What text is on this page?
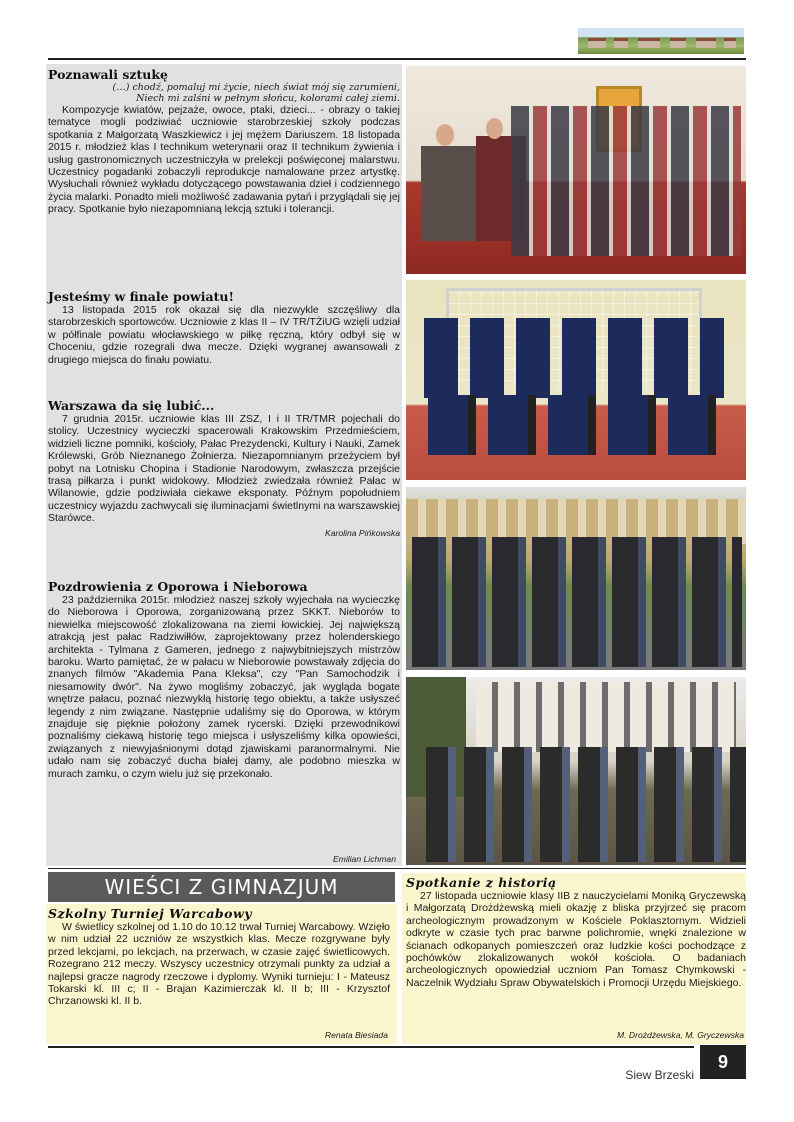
Poznawali sztukę

(…) chodź, pomaluj mi życie, niech świat mój się zarumieni,

Niech mi zalśni w pełnym słońcu, kolorami całej ziemi.

Kompozycje kwiatów, pejzaże, owoce, ptaki, dzieci... - obrazy o takiej tematyce mogli podziwiać uczniowie starobrzeskiej szkoły podczas spotkania z Małgorzatą Waszkiewicz i jej mężem Dariuszem. 18 listopada 2015 r. młodzież klas I technikum weterynarii oraz II technikum żywienia i usług gastronomicznych uczestniczyła w prelekcji poświęconej malarstwu. Uczestnicy pogadanki zobaczyli reprodukcje namalowane przez artystkę. Wysłuchali również wykładu dotyczącego powstawania dzieł i codziennego życia malarki. Ponadto mieli możliwość zadawania pytań i przyglądali się jej pracy. Spotkanie było niezapomnianą lekcją sztuki i tolerancji.

Jesteśmy w finale powiatu!

13 listopada 2015 rok okazał się dla niezwykle szczęśliwy dla starobrzeskich sportowców. Uczniowie z klas II – IV TR/TŻiUG wzięli udział w półfinale powiatu włocławskiego w piłkę ręczną, który odbył się w Choceniu, gdzie rozegrali dwa mecze. Dzięki wygranej awansowali z drugiego miejsca do finału powiatu.

Warszawa da się lubić...

7 grudnia 2015r. uczniowie klas III ZSZ, I i II TR/TMR pojechali do stolicy. Uczestnicy wycieczki spacerowali Krakowskim Przedmieściem, widzieli liczne pomniki, kościoły, Pałac Prezydencki, Kultury i Nauki, Zamek Królewski, Grób Nieznanego Żołnierza. Niezapomnianym przeżyciem był pobyt na Lotnisku Chopina i Stadionie Narodowym, zwłaszcza przejście trasą piłkarza i punkt widokowy. Młodzież zwiedzała również Pałac w Wilanowie, gdzie podziwiała ciekawe eksponaty. Późnym popołudniem uczestnicy wyjazdu zachwycali się iluminacjami świetlnymi na warszawskiej Starówce.

Karolina Pińkowska

Pozdrowienia z Oporowa i Nieborowa

23 października 2015r. młodzież naszej szkoły wyjechała na wycieczkę do Nieborowa i Oporowa, zorganizowaną przez SKKT. Nieborów to niewielka miejscowość zlokalizowana na ziemi łowickiej. Jej największą atrakcją jest pałac Radziwiłłów, zaprojektowany przez holenderskiego architekta - Tylmana z Gameren, jednego z najwybitniejszych mistrzów baroku. Warto pamiętać, że w pałacu w Nieborowie powstawały zdjęcia do znanych filmów "Akademia Pana Kleksa", czy "Pan Samochodzik i niesamowity dwór". Na żywo mogliśmy zobaczyć, jak wygląda bogate wnętrze pałacu, poznać niezwykłą historię tego obiektu, a także usłyszeć legendy z nim związane. Następnie udaliśmy się do Oporowa, w którym znajduje się pięknie położony zamek rycerski. Dzięki przewodnikowi poznaliśmy ciekawą historię tego miejsca i usłyszeliśmy kilka opowieści, związanych z niewyjaśnionymi dotąd zjawiskami paranormalnymi. Nie udało nam się zobaczyć ducha białej damy, ale podobno mieszka w murach zamku, o czym wielu już się przekonało.

Emilian Lichman

WIEŚCI Z GIMNAZJUM
Szkolny Turniej Warcabowy

W świetlicy szkolnej od 1.10 do 10.12 trwał Turniej Warcabowy. Wzięło w nim udział 22 uczniów ze wszystkich klas. Mecze rozgrywane były przed lekcjami, po lekcjach, na przerwach, w czasie zajęć świetlicowych. Rozegrano 212 meczy. Wszyscy uczestnicy otrzymali punkty za udział a najlepsi gracze nagrody rzeczowe i dyplomy. Wyniki turnieju: I - Mateusz Tokarski kl. III c; II - Brajan Kazimierczak kl. II b; III - Krzysztof Chrzanowski kl. II b.

Renata Biesiada

Spotkanie z historią

27 listopada uczniowie klasy IIB z nauczycielami Moniką Gryczewską i Małgorzatą Drożdżewską mieli okazję z bliska przyjrzeć się pracom archeologicznym prowadzonym w Kościele Poklasztornym. Widzieli odkryte w czasie tych prac barwne polichromie, wnęki znalezione w ścianach odkopanych pomieszczeń oraz ludzkie kości pochodzące z pochówków zlokalizowanych wokół kościoła. O badaniach archeologicznych opowiedział uczniom Pan Tomasz Chymkowski - Naczelnik Wydziału Spraw Obywatelskich i Promocji Urzędu Miejskiego.

M. Drożdżewska, M. Gryczewska

Siew Brzeski
9
